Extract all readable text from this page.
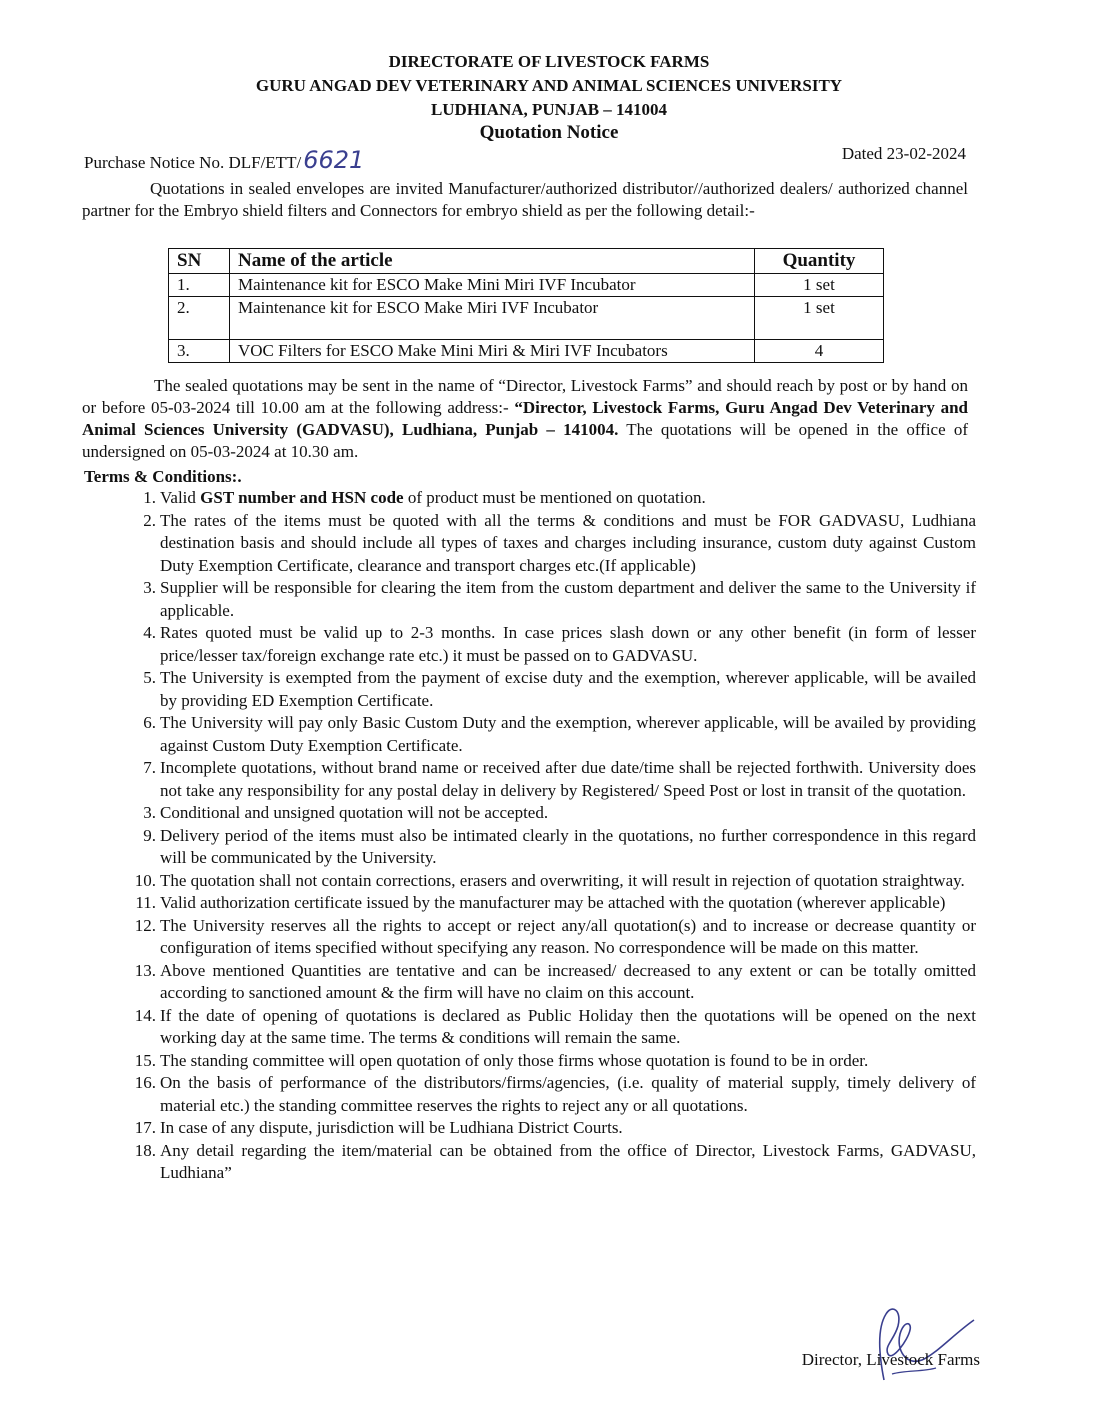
DIRECTORATE OF LIVESTOCK FARMS
GURU ANGAD DEV VETERINARY AND ANIMAL SCIENCES UNIVERSITY
LUDHIANA, PUNJAB – 141004
Quotation Notice
Purchase Notice No. DLF/ETT/6621	Dated 23-02-2024
Quotations in sealed envelopes are invited Manufacturer/authorized distributor//authorized dealers/ authorized channel partner for the Embryo shield filters and Connectors for embryo shield as per the following detail:-
SN	Name of the article	Quantity
1.	Maintenance kit for ESCO Make Mini Miri IVF Incubator	1 set
2.	Maintenance kit for ESCO Make Miri IVF Incubator	1 set
3.	VOC Filters for ESCO Make Mini Miri & Miri IVF Incubators	4
The sealed quotations may be sent in the name of “Director, Livestock Farms” and should reach by post or by hand on or before 05-03-2024 till 10.00 am at the following address:- “Director, Livestock Farms, Guru Angad Dev Veterinary and Animal Sciences University (GADVASU), Ludhiana, Punjab – 141004. The quotations will be opened in the office of undersigned on 05-03-2024 at 10.30 am.
Terms & Conditions:.
1. Valid GST number and HSN code of product must be mentioned on quotation.
2. The rates of the items must be quoted with all the terms & conditions and must be FOR GADVASU, Ludhiana destination basis and should include all types of taxes and charges including insurance, custom duty against Custom Duty Exemption Certificate, clearance and transport charges etc.(If applicable)
3. Supplier will be responsible for clearing the item from the custom department and deliver the same to the University if applicable.
4. Rates quoted must be valid up to 2-3 months. In case prices slash down or any other benefit (in form of lesser price/lesser tax/foreign exchange rate etc.) it must be passed on to GADVASU.
5. The University is exempted from the payment of excise duty and the exemption, wherever applicable, will be availed by providing ED Exemption Certificate.
6. The University will pay only Basic Custom Duty and the exemption, wherever applicable, will be availed by providing against Custom Duty Exemption Certificate.
7. Incomplete quotations, without brand name or received after due date/time shall be rejected forthwith. University does not take any responsibility for any postal delay in delivery by Registered/ Speed Post or lost in transit of the quotation.
3. Conditional and unsigned quotation will not be accepted.
9. Delivery period of the items must also be intimated clearly in the quotations, no further correspondence in this regard will be communicated by the University.
10. The quotation shall not contain corrections, erasers and overwriting, it will result in rejection of quotation straightway.
11. Valid authorization certificate issued by the manufacturer may be attached with the quotation (wherever applicable)
12. The University reserves all the rights to accept or reject any/all quotation(s) and to increase or decrease quantity or configuration of items specified without specifying any reason. No correspondence will be made on this matter.
13. Above mentioned Quantities are tentative and can be increased/ decreased to any extent or can be totally omitted according to sanctioned amount & the firm will have no claim on this account.
14. If the date of opening of quotations is declared as Public Holiday then the quotations will be opened on the next working day at the same time. The terms & conditions will remain the same.
15. The standing committee will open quotation of only those firms whose quotation is found to be in order.
16. On the basis of performance of the distributors/firms/agencies, (i.e. quality of material supply, timely delivery of material etc.) the standing committee reserves the rights to reject any or all quotations.
17. In case of any dispute, jurisdiction will be Ludhiana District Courts.
18. Any detail regarding the item/material can be obtained from the office of Director, Livestock Farms, GADVASU, Ludhiana”
Director, Livestock Farms
